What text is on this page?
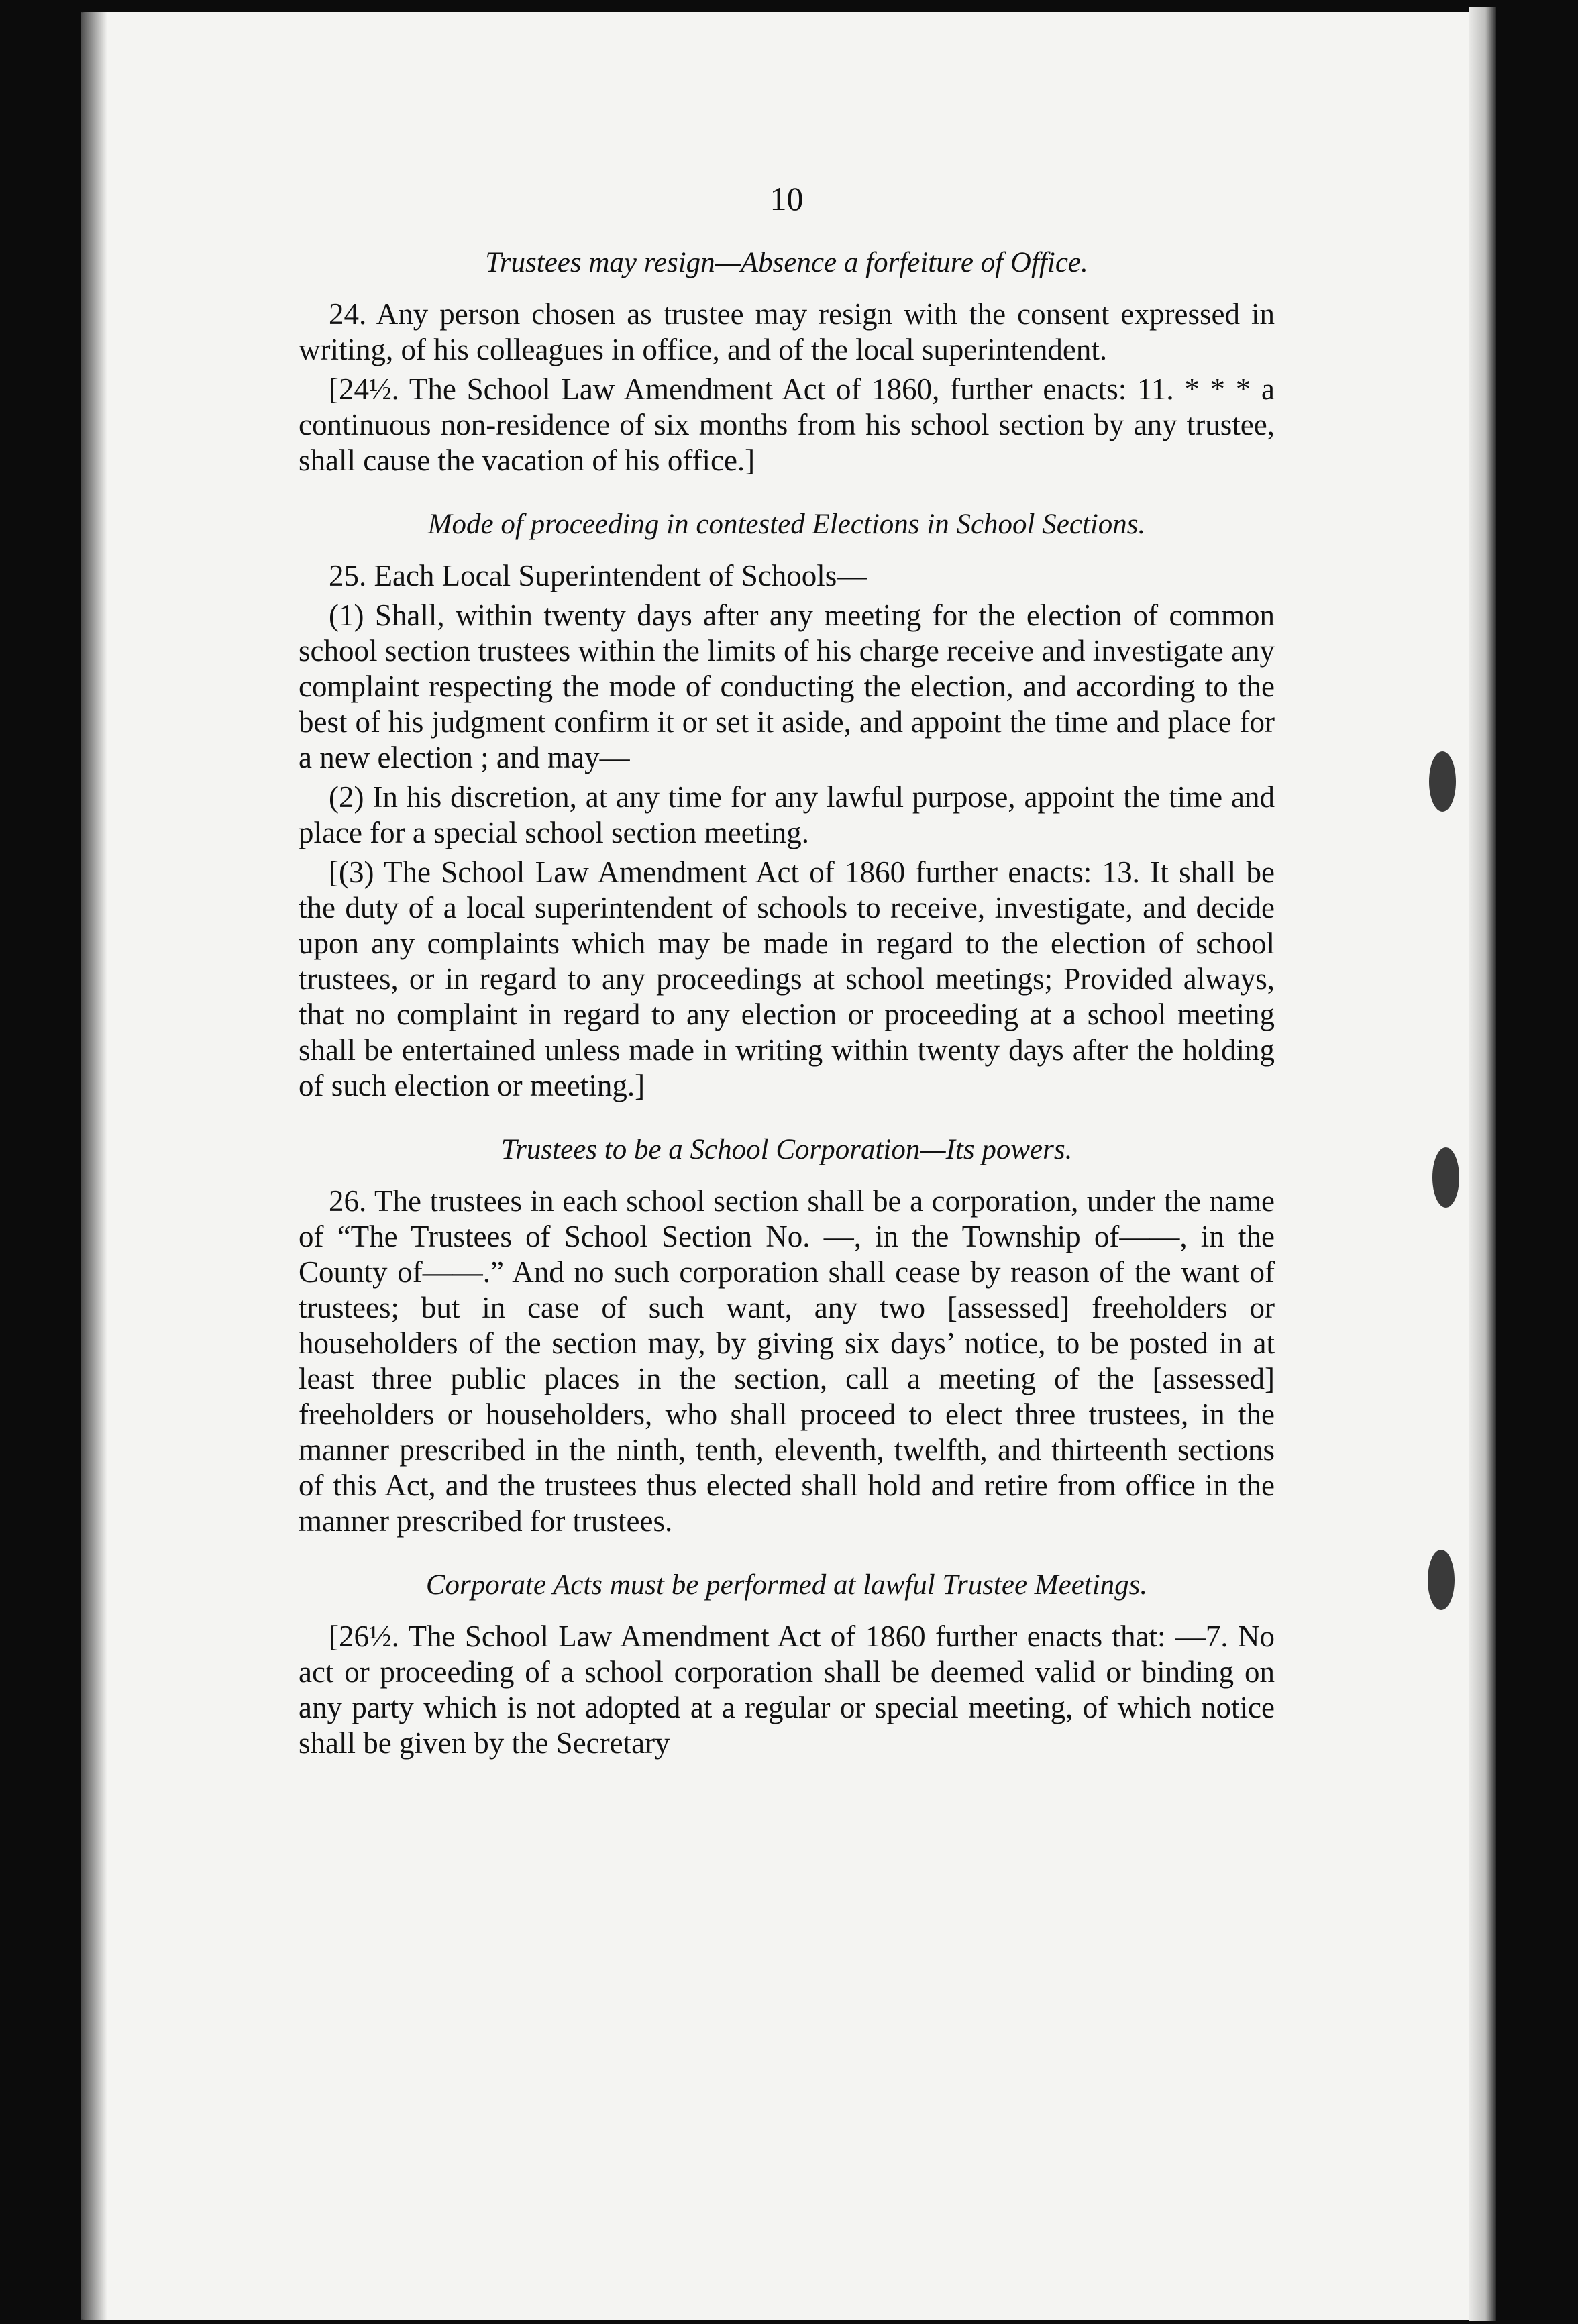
10
Trustees may resign—Absence a forfeiture of Office.

24. Any person chosen as trustee may resign with the consent expressed in writing, of his colleagues in office, and of the local superintendent.

[24½. The School Law Amendment Act of 1860, further enacts: 11. * * * a continuous non-residence of six months from his school section by any trustee, shall cause the vacation of his office.]

Mode of proceeding in contested Elections in School Sections.

25. Each Local Superintendent of Schools—

(1) Shall, within twenty days after any meeting for the election of common school section trustees within the limits of his charge receive and investigate any complaint respecting the mode of conducting the election, and according to the best of his judgment confirm it or set it aside, and appoint the time and place for a new election ; and may—

(2) In his discretion, at any time for any lawful purpose, appoint the time and place for a special school section meeting.

[(3) The School Law Amendment Act of 1860 further enacts: 13. It shall be the duty of a local superintendent of schools to receive, investigate, and decide upon any complaints which may be made in regard to the election of school trustees, or in regard to any proceedings at school meetings; Provided always, that no complaint in regard to any election or proceeding at a school meeting shall be entertained unless made in writing within twenty days after the holding of such election or meeting.]

Trustees to be a School Corporation—Its powers.

26. The trustees in each school section shall be a corporation, under the name of “The Trustees of School Section No. —, in the Township of——, in the County of——.” And no such corporation shall cease by reason of the want of trustees; but in case of such want, any two [assessed] freeholders or householders of the section may, by giving six days’ notice, to be posted in at least three public places in the section, call a meeting of the [assessed] freeholders or householders, who shall proceed to elect three trustees, in the manner prescribed in the ninth, tenth, eleventh, twelfth, and thirteenth sections of this Act, and the trustees thus elected shall hold and retire from office in the manner prescribed for trustees.

Corporate Acts must be performed at lawful Trustee Meetings.

[26½. The School Law Amendment Act of 1860 further enacts that: —7. No act or proceeding of a school corporation shall be deemed valid or binding on any party which is not adopted at a regular or special meeting, of which notice shall be given by the Secretary
